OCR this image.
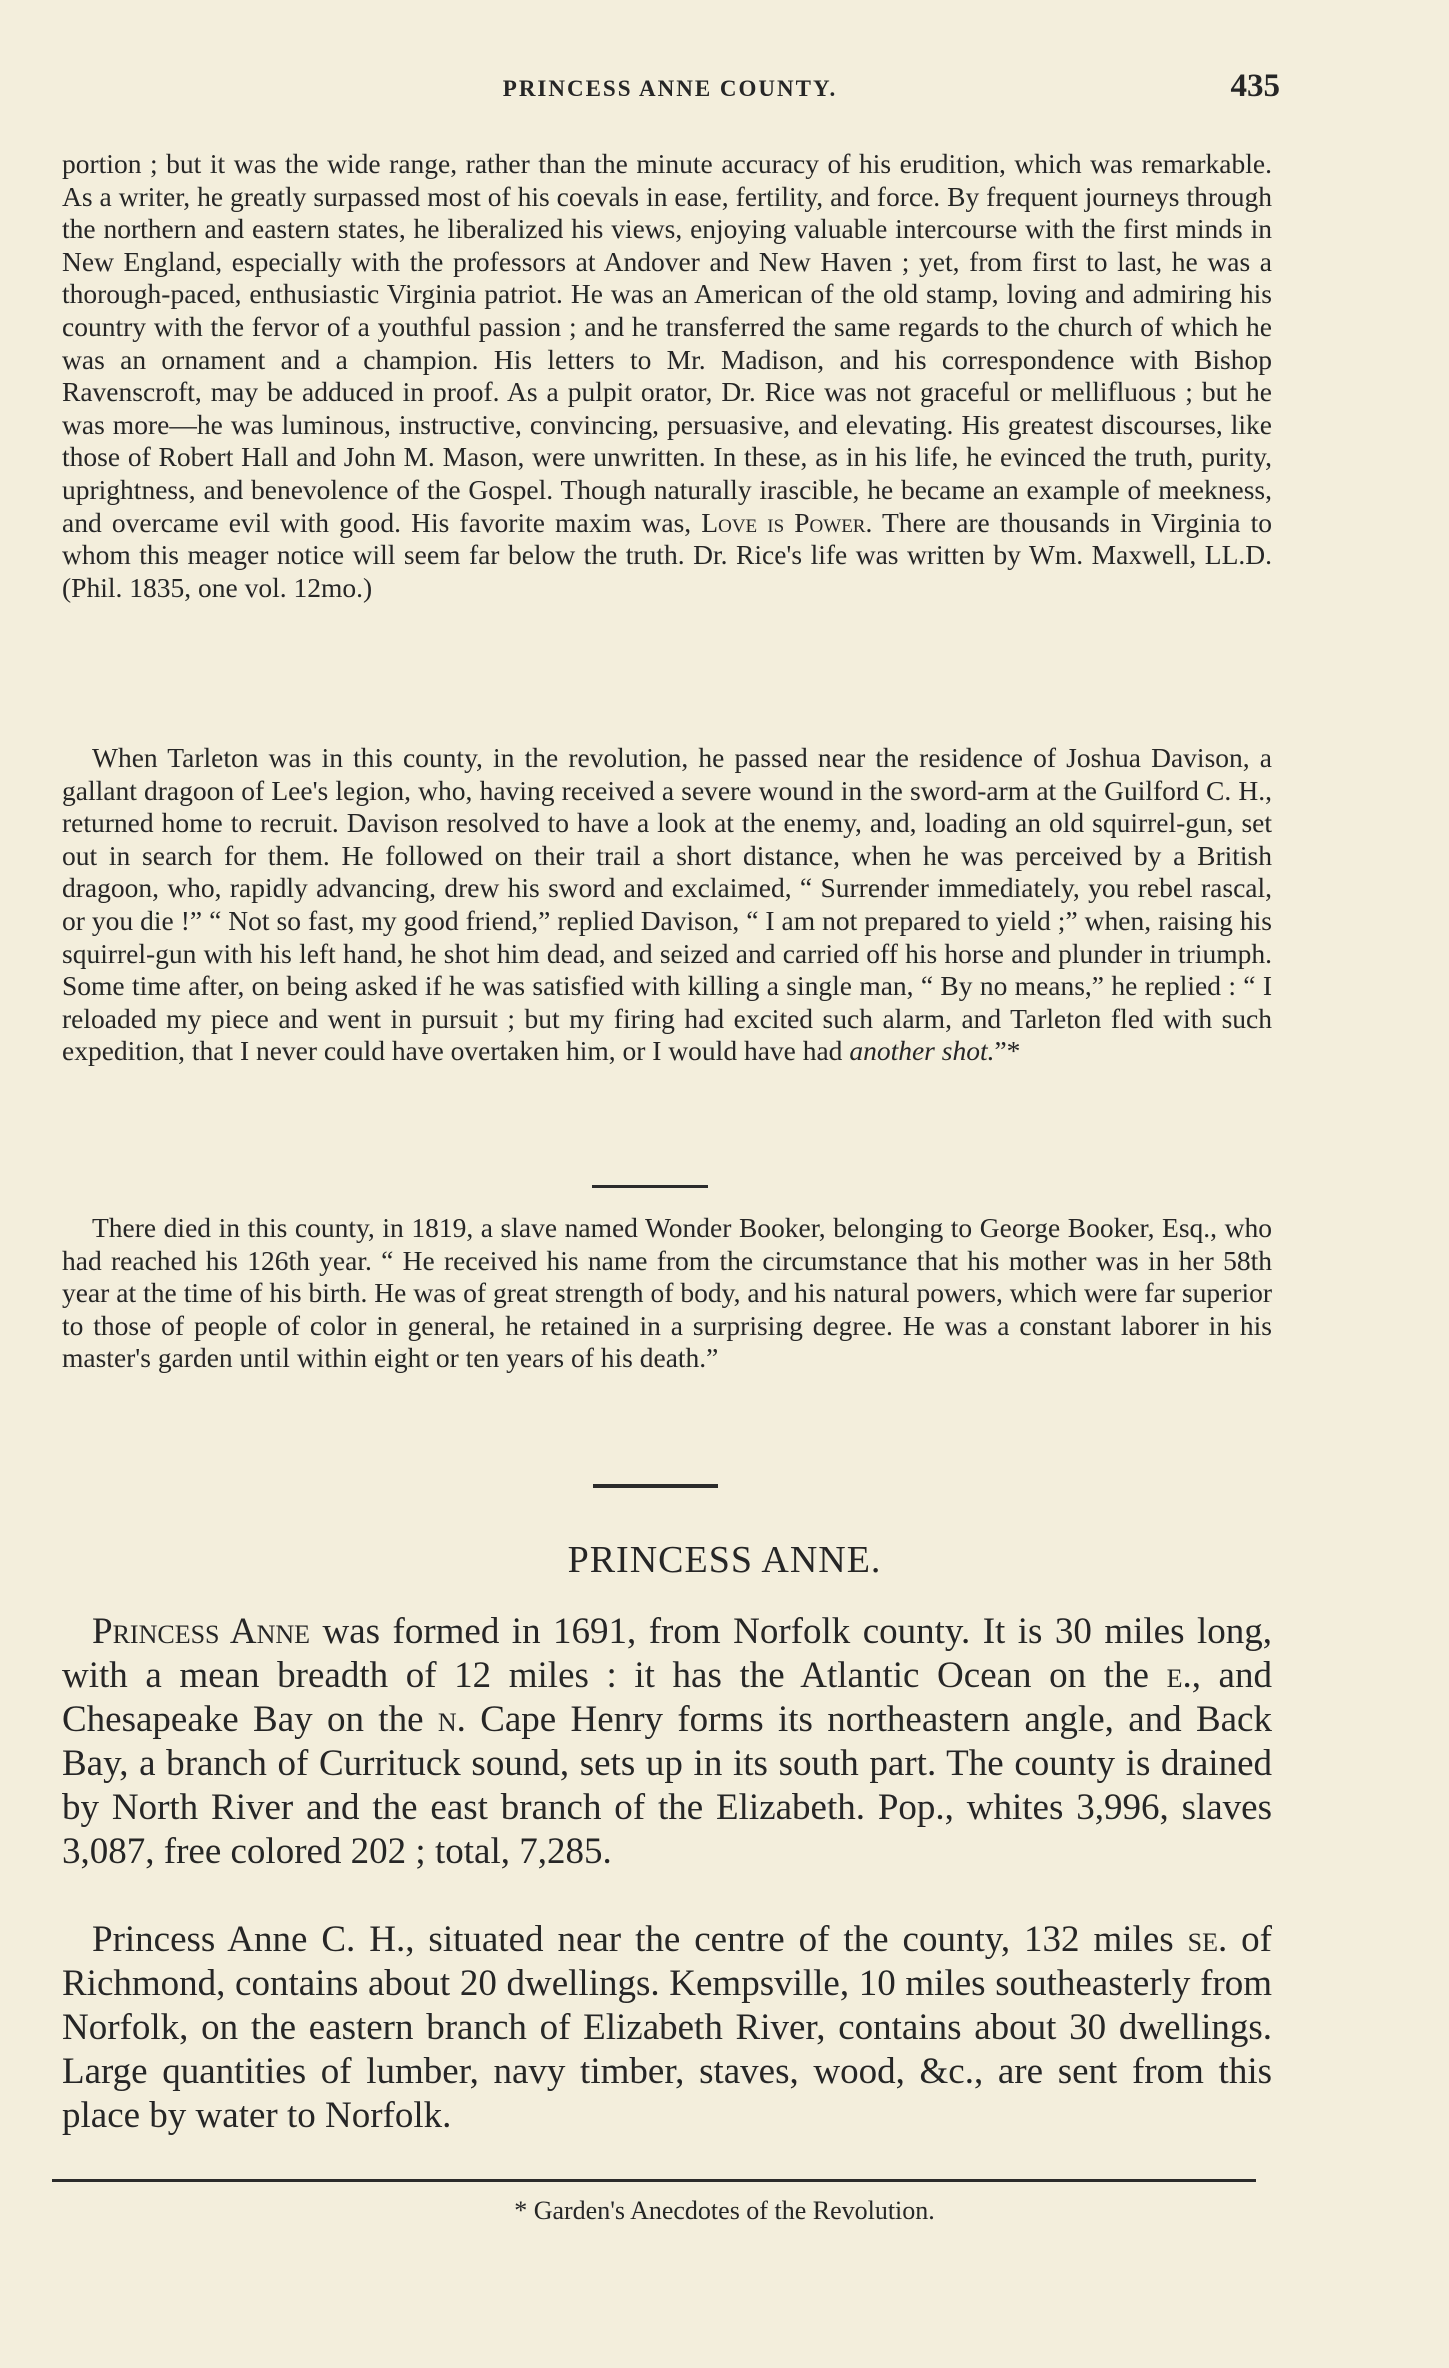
PRINCESS ANNE COUNTY.	435

portion ; but it was the wide range, rather than the minute accuracy of his erudition, which was remarkable. As a writer, he greatly surpassed most of his coevals in ease, fertility, and force. By frequent journeys through the northern and eastern states, he liberalized his views, enjoying valuable intercourse with the first minds in New England, especially with the professors at Andover and New Haven ; yet, from first to last, he was a thorough-paced, enthusiastic Virginia patriot. He was an American of the old stamp, loving and admiring his country with the fervor of a youthful passion ; and he transferred the same regards to the church of which he was an ornament and a champion. His letters to Mr. Madison, and his correspondence with Bishop Ravenscroft, may be adduced in proof. As a pulpit orator, Dr. Rice was not graceful or mellifluous ; but he was more—he was luminous, instructive, convincing, persuasive, and elevating. His greatest discourses, like those of Robert Hall and John M. Mason, were unwritten. In these, as in his life, he evinced the truth, purity, uprightness, and benevolence of the Gospel. Though naturally irascible, he became an example of meekness, and overcame evil with good. His favorite maxim was, Love is Power. There are thousands in Virginia to whom this meager notice will seem far below the truth. Dr. Rice's life was written by Wm. Maxwell, LL.D. (Phil. 1835, one vol. 12mo.)

When Tarleton was in this county, in the revolution, he passed near the residence of Joshua Davison, a gallant dragoon of Lee's legion, who, having received a severe wound in the sword-arm at the Guilford C. H., returned home to recruit. Davison resolved to have a look at the enemy, and, loading an old squirrel-gun, set out in search for them. He followed on their trail a short distance, when he was perceived by a British dragoon, who, rapidly advancing, drew his sword and exclaimed, “ Surrender immediately, you rebel rascal, or you die !” “ Not so fast, my good friend,” replied Davison, “ I am not prepared to yield ;” when, raising his squirrel-gun with his left hand, he shot him dead, and seized and carried off his horse and plunder in triumph. Some time after, on being asked if he was satisfied with killing a single man, “ By no means,” he replied : “ I reloaded my piece and went in pursuit ; but my firing had excited such alarm, and Tarleton fled with such expedition, that I never could have overtaken him, or I would have had another shot.”*

There died in this county, in 1819, a slave named Wonder Booker, belonging to George Booker, Esq., who had reached his 126th year. “ He received his name from the circumstance that his mother was in her 58th year at the time of his birth. He was of great strength of body, and his natural powers, which were far superior to those of people of color in general, he retained in a surprising degree. He was a constant laborer in his master's garden until within eight or ten years of his death.”

PRINCESS ANNE.

Princess Anne was formed in 1691, from Norfolk county. It is 30 miles long, with a mean breadth of 12 miles : it has the Atlantic Ocean on the e., and Chesapeake Bay on the n. Cape Henry forms its northeastern angle, and Back Bay, a branch of Currituck sound, sets up in its south part. The county is drained by North River and the east branch of the Elizabeth. Pop., whites 3,996, slaves 3,087, free colored 202 ; total, 7,285.

Princess Anne C. H., situated near the centre of the county, 132 miles se. of Richmond, contains about 20 dwellings. Kempsville, 10 miles southeasterly from Norfolk, on the eastern branch of Elizabeth River, contains about 30 dwellings. Large quantities of lumber, navy timber, staves, wood, &c., are sent from this place by water to Norfolk.

* Garden's Anecdotes of the Revolution.
